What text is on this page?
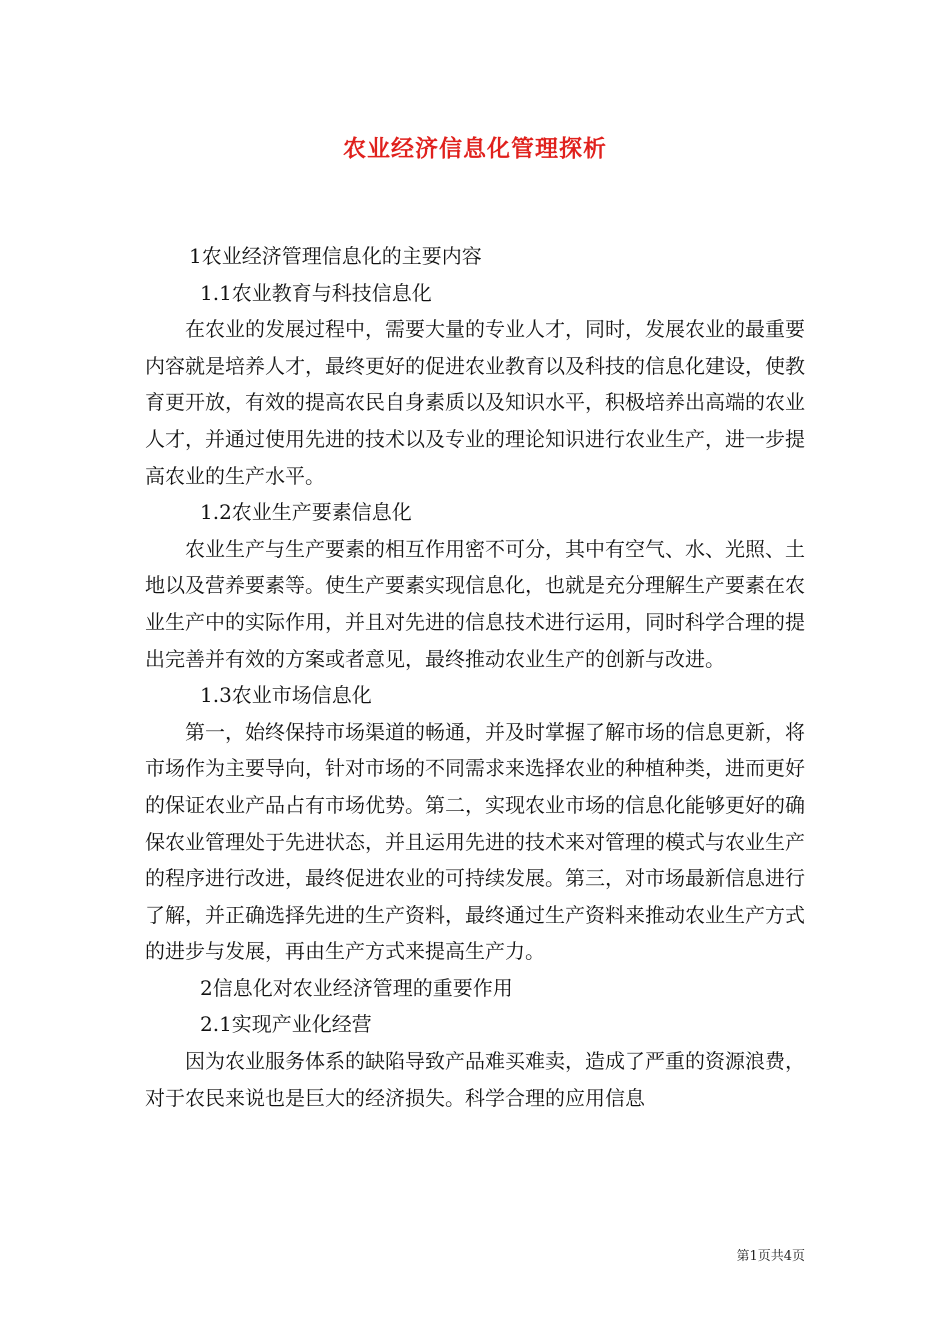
农业经济信息化管理探析
1农业经济管理信息化的主要内容
1.1农业教育与科技信息化

在农业的发展过程中，需要大量的专业人才，同时，发展农业的最重要内容就是培养人才，最终更好的促进农业教育以及科技的信息化建设，使教育更开放，有效的提高农民自身素质以及知识水平，积极培养出高端的农业人才，并通过使用先进的技术以及专业的理论知识进行农业生产，进一步提高农业的生产水平。

1.2农业生产要素信息化

农业生产与生产要素的相互作用密不可分，其中有空气、水、光照、土地以及营养要素等。使生产要素实现信息化，也就是充分理解生产要素在农业生产中的实际作用，并且对先进的信息技术进行运用，同时科学合理的提出完善并有效的方案或者意见，最终推动农业生产的创新与改进。

1.3农业市场信息化

第一，始终保持市场渠道的畅通，并及时掌握了解市场的信息更新，将市场作为主要导向，针对市场的不同需求来选择农业的种植种类，进而更好的保证农业产品占有市场优势。第二，实现农业市场的信息化能够更好的确保农业管理处于先进状态，并且运用先进的技术来对管理的模式与农业生产的程序进行改进，最终促进农业的可持续发展。第三，对市场最新信息进行了解，并正确选择先进的生产资料，最终通过生产资料来推动农业生产方式的进步与发展，再由生产方式来提高生产力。

2信息化对农业经济管理的重要作用
2.1实现产业化经营

因为农业服务体系的缺陷导致产品难买难卖，造成了严重的资源浪费，对于农民来说也是巨大的经济损失。科学合理的应用信息

第1页共4页
